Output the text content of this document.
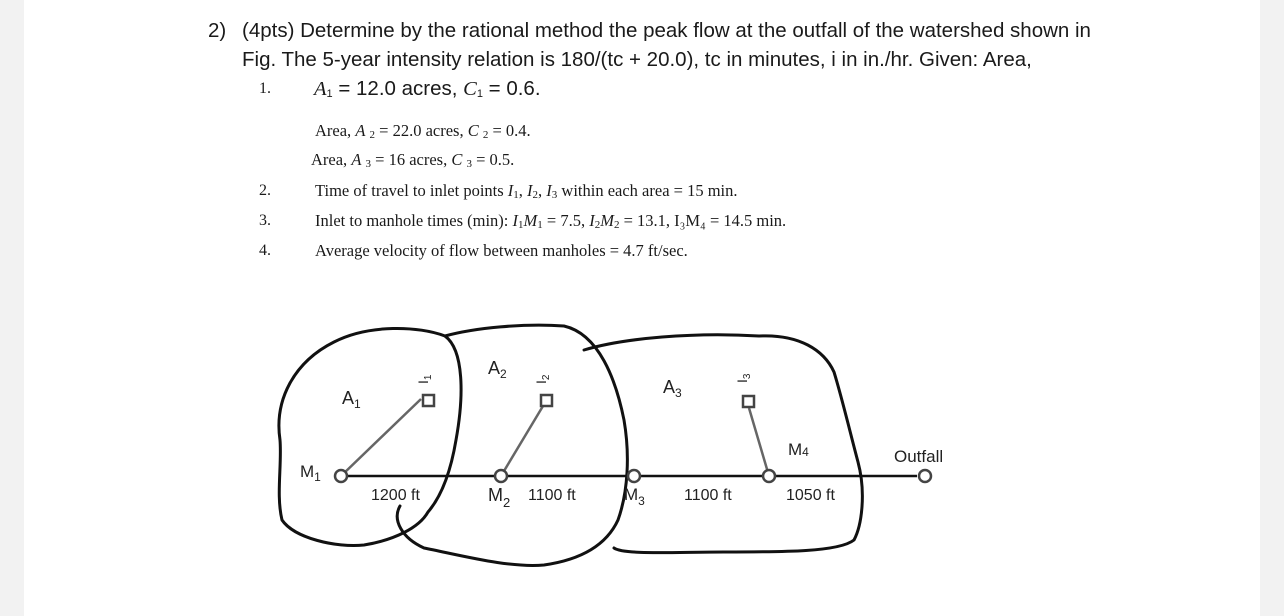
2) (4pts) Determine by the rational method the peak flow at the outfall of the watershed shown in
Fig. The 5-year intensity relation is 180/(tc + 20.0), tc in minutes, i in in./hr. Given: Area,
1. $A_1 = 12.0$ acres, $C_1 = 0.6$.
Area, A $_2$ = 22.0 acres, C $_2$ = 0.4.
Area, A $_3$ = 16 acres, C $_3$ = 0.5.
2.	Time of travel to inlet points $I_1$, $I_2$, $I_3$ within each area = 15 min.
3.	Inlet to manhole times (min): $I_1M_1 = 7.5$, $I_2M_2 = 13.1$, I₃M₄ = 14.5 min.
4.	Average velocity of flow between manholes = 4.7 ft/sec.
$A_1$
$A_2$
$A_3$
$I_1$
$I_2$
$I_3$
$M_1$
$M_2$	$M_3$
M4
1200 ft	1100 ft	1100 ft	1050 ft
Outfall
